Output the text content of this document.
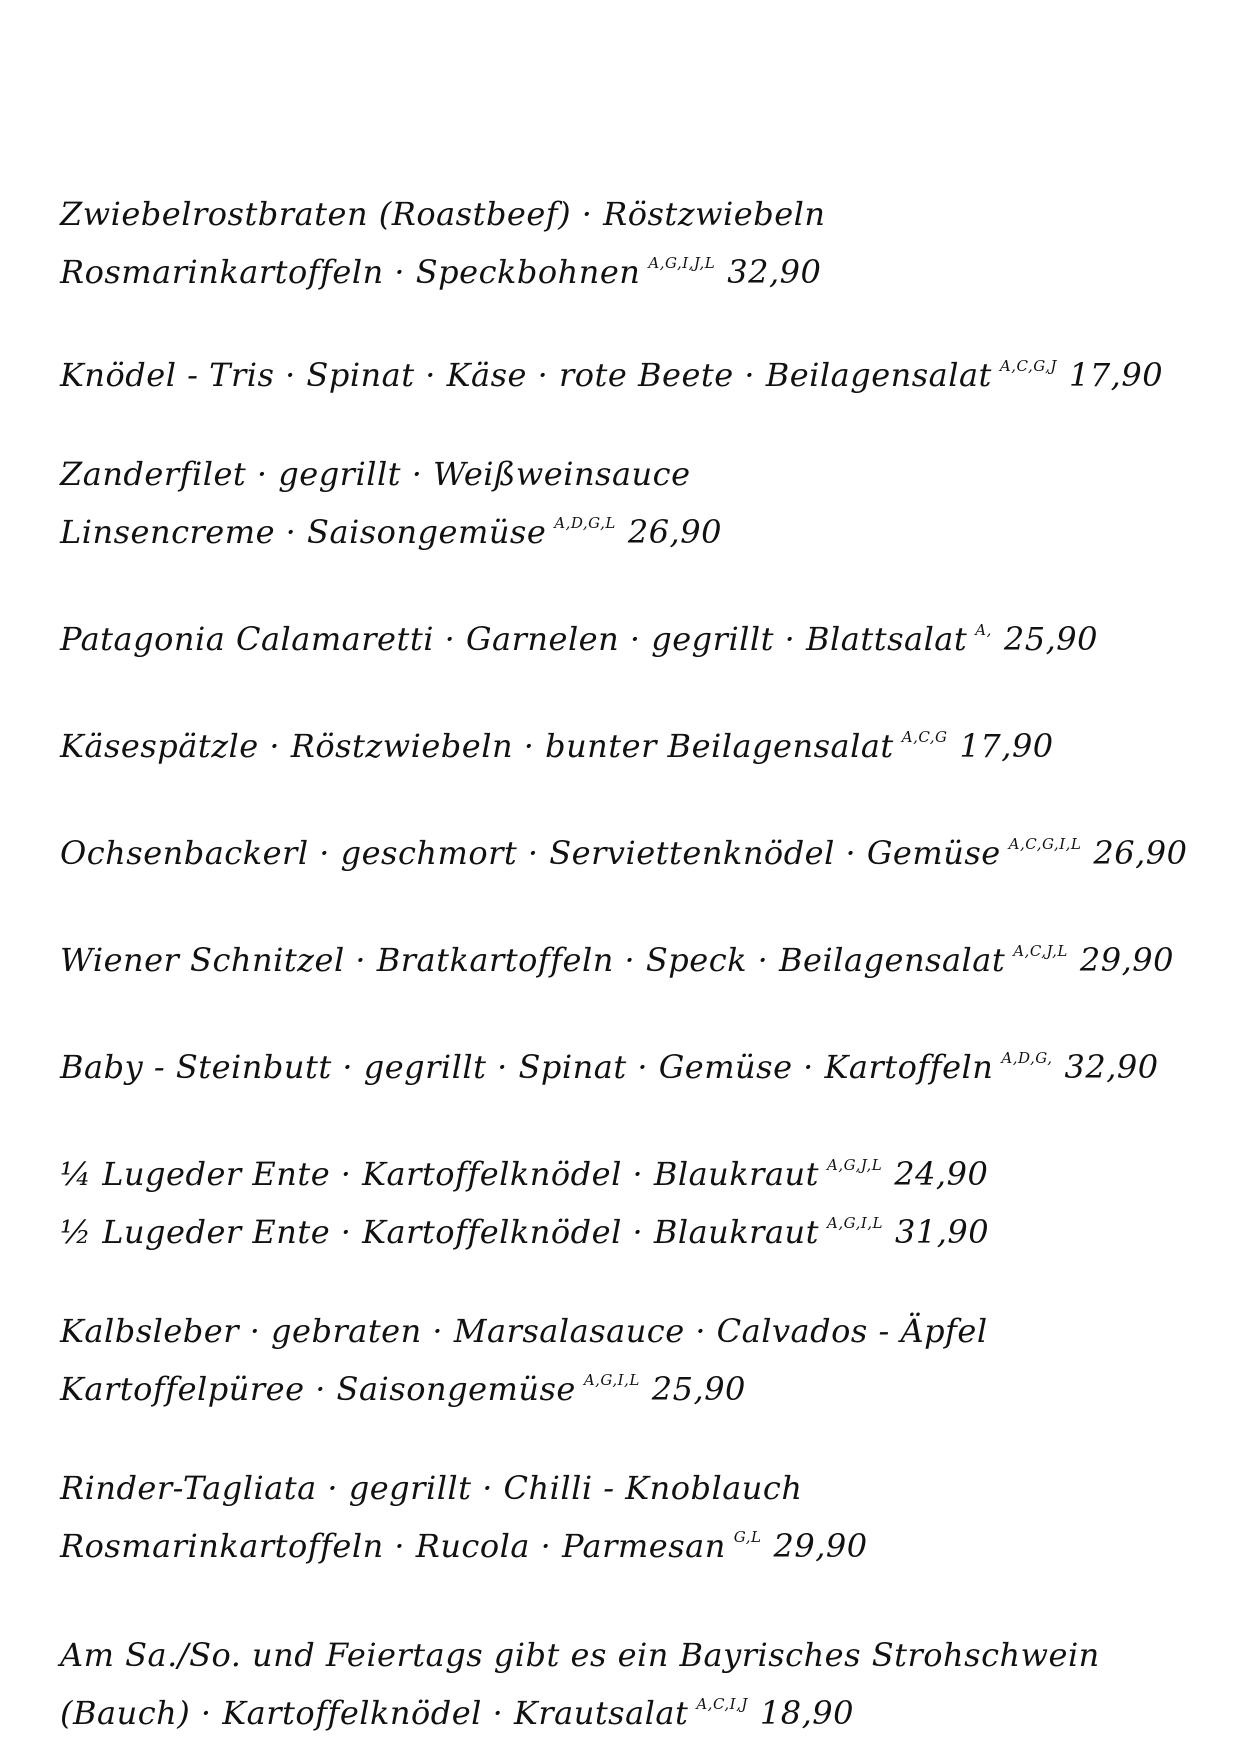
Zwiebelrostbraten (Roastbeef) · Röstzwiebeln
Rosmarinkartoffeln · Speckbohnen $^{A,G,I,J,L}$ 32,90
Knödel - Tris · Spinat · Käse · rote Beete · Beilagensalat $^{A,C,G,J}$ 17,90
Zanderfilet · gegrillt · Weißweinsauce
Linsencreme · Saisongemüse $^{A,D,G,L}$ 26,90
Patagonia Calamaretti · Garnelen · gegrillt · Blattsalat $^{A,}$ 25,90
Käsespätzle · Röstzwiebeln · bunter Beilagensalat $^{A,C,G}$ 17,90
Ochsenbackerl · geschmort · Serviettenknödel · Gemüse $^{A,C,G,I,L}$ 26,90
Wiener Schnitzel · Bratkartoffeln · Speck · Beilagensalat $^{A,C,J,L}$ 29,90
Baby - Steinbutt · gegrillt · Spinat · Gemüse · Kartoffeln $^{A,D,G,}$ 32,90
¼ Lugeder Ente · Kartoffelknödel · Blaukraut $^{A,G,J,L}$ 24,90
½ Lugeder Ente · Kartoffelknödel · Blaukraut $^{A,G,I,L}$ 31,90
Kalbsleber · gebraten · Marsalasauce · Calvados - Äpfel
Kartoffelpüree · Saisongemüse $^{A,G,I,L}$ 25,90
Rinder-Tagliata · gegrillt · Chilli - Knoblauch
Rosmarinkartoffeln · Rucola · Parmesan $^{G,L}$ 29,90
Am Sa./So. und Feiertags gibt es ein Bayrisches Strohschwein
(Bauch) · Kartoffelknödel · Krautsalat $^{A,C,I,J}$ 18,90
